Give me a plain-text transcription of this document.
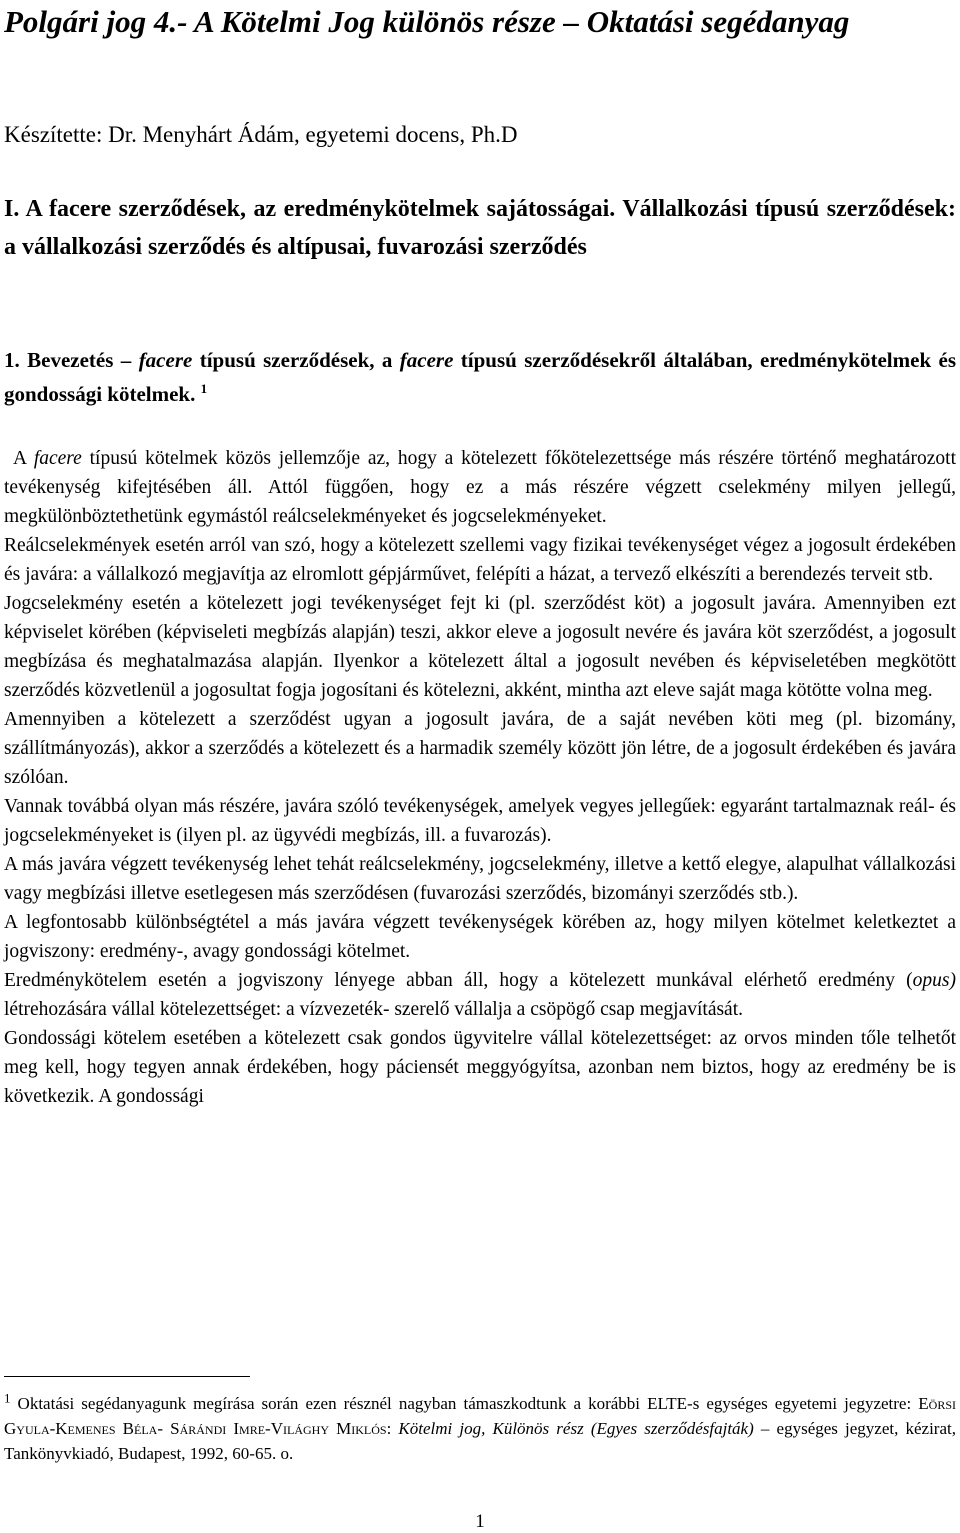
Polgári jog 4.- A Kötelmi Jog különös része – Oktatási segédanyag

Készítette: Dr. Menyhárt Ádám, egyetemi docens, Ph.D

I. A facere szerződések, az eredménykötelmek sajátosságai. Vállalkozási típusú szerződések: a vállalkozási szerződés és altípusai, fuvarozási szerződés
1. Bevezetés – facere típusú szerződések, a facere típusú szerződésekről általában, eredménykötelmek és gondossági kötelmek. $^1$

A facere típusú kötelmek közös jellemzője az, hogy a kötelezett főkötelezettsége más részére történő meghatározott tevékenység kifejtésében áll. Attól függően, hogy ez a más részére végzett cselekmény milyen jellegű, megkülönböztethetünk egymástól reálcselekményeket és jogcselekményeket.

Reálcselekmények esetén arról van szó, hogy a kötelezett szellemi vagy fizikai tevékenységet végez a jogosult érdekében és javára: a vállalkozó megjavítja az elromlott gépjárművet, felépíti a házat, a tervező elkészíti a berendezés terveit stb.

Jogcselekmény esetén a kötelezett jogi tevékenységet fejt ki (pl. szerződést köt) a jogosult javára. Amennyiben ezt képviselet körében (képviseleti megbízás alapján) teszi, akkor eleve a jogosult nevére és javára köt szerződést, a jogosult megbízása és meghatalmazása alapján. Ilyenkor a kötelezett által a jogosult nevében és képviseletében megkötött szerződés közvetlenül a jogosultat fogja jogosítani és kötelezni, akként, mintha azt eleve saját maga kötötte volna meg.

Amennyiben a kötelezett a szerződést ugyan a jogosult javára, de a saját nevében köti meg (pl. bizomány, szállítmányozás), akkor a szerződés a kötelezett és a harmadik személy között jön létre, de a jogosult érdekében és javára szólóan.

Vannak továbbá olyan más részére, javára szóló tevékenységek, amelyek vegyes jellegűek: egyaránt tartalmaznak reál- és jogcselekményeket is (ilyen pl. az ügyvédi megbízás, ill. a fuvarozás).

A más javára végzett tevékenység lehet tehát reálcselekmény, jogcselekmény, illetve a kettő elegye, alapulhat vállalkozási vagy megbízási illetve esetlegesen más szerződésen (fuvarozási szerződés, bizományi szerződés stb.).

A legfontosabb különbségtétel a más javára végzett tevékenységek körében az, hogy milyen kötelmet keletkeztet a jogviszony: eredmény-, avagy gondossági kötelmet.

Eredménykötelem esetén a jogviszony lényege abban áll, hogy a kötelezett munkával elérhető eredmény (opus) létrehozására vállal kötelezettséget: a vízvezeték- szerelő vállalja a csöpögő csap megjavítását.

Gondossági kötelem esetében a kötelezett csak gondos ügyvitelre vállal kötelezettséget: az orvos minden tőle telhetőt meg kell, hogy tegyen annak érdekében, hogy páciensét meggyógyítsa, azonban nem biztos, hogy az eredmény be is következik. A gondossági

$^1$ Oktatási segédanyagunk megírása során ezen résznél nagyban támaszkodtunk a korábbi ELTE-s egységes egyetemi jegyzetre: Eörsi Gyula-Kemenes Béla- Sárándi Imre-Világhy Miklós: Kötelmi jog, Különös rész (Egyes szerződésfajták) – egységes jegyzet, kézirat, Tankönyvkiadó, Budapest, 1992, 60-65. o.

1
